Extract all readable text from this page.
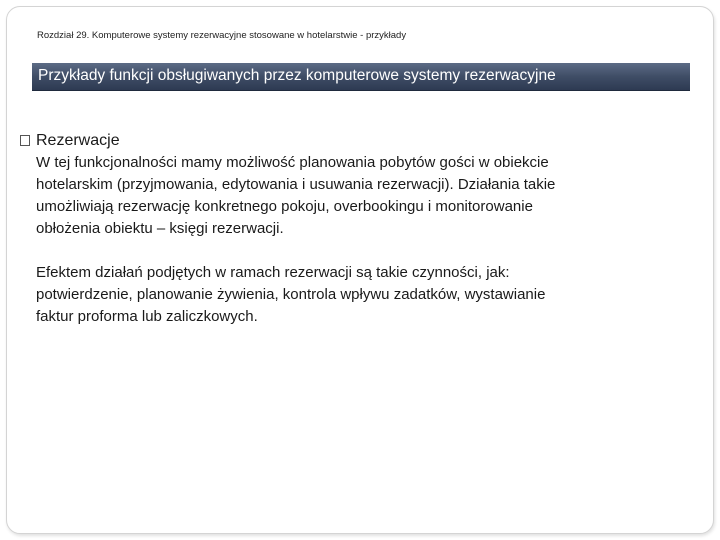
Rozdział 29. Komputerowe systemy rezerwacyjne stosowane w hotelarstwie - przykłady
Przykłady funkcji obsługiwanych przez komputerowe systemy rezerwacyjne
Rezerwacje
W tej funkcjonalności mamy możliwość planowania pobytów gości w obiekcie
hotelarskim (przyjmowania, edytowania i usuwania rezerwacji). Działania takie
umożliwiają rezerwację konkretnego pokoju, overbookingu i monitorowanie
obłożenia obiektu – księgi rezerwacji.
Efektem działań podjętych w ramach rezerwacji są takie czynności, jak:
potwierdzenie, planowanie żywienia, kontrola wpływu zadatków, wystawianie
faktur proforma lub zaliczkowych.
